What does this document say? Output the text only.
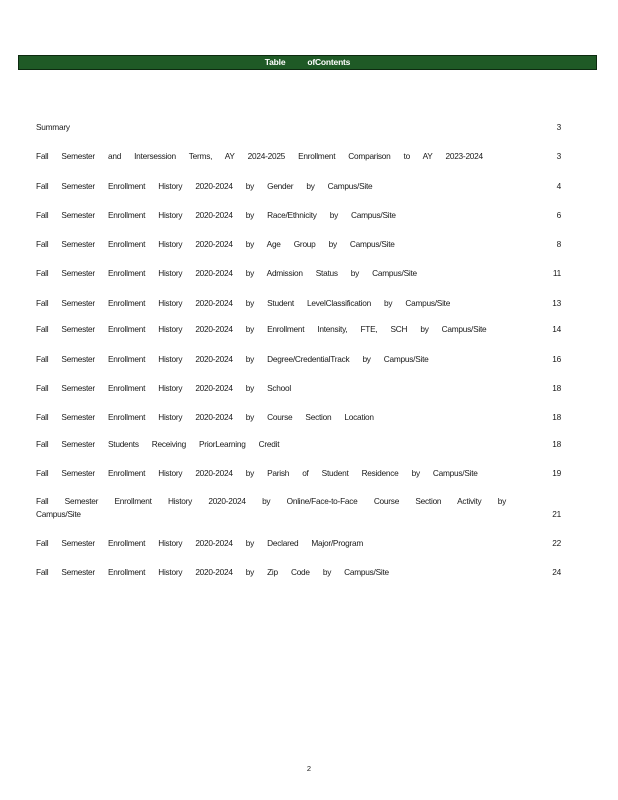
Table	ofContents
Summary	3
Fall Semester and Intersession Terms, AY 2024-2025 Enrollment Comparison to AY 2023-2024	3
Fall Semester Enrollment History 2020-2024 by Gender by Campus/Site	4
Fall Semester Enrollment History 2020-2024 by Race/Ethnicity by Campus/Site	6
Fall Semester Enrollment History 2020-2024 by Age Group by Campus/Site	8
Fall Semester Enrollment History 2020-2024 by Admission Status by Campus/Site	11
Fall Semester Enrollment History 2020-2024 by Student LevelClassification by Campus/Site	13
Fall Semester Enrollment History 2020-2024 by Enrollment Intensity, FTE, SCH by Campus/Site	14
Fall Semester Enrollment History 2020-2024 by Degree/CredentialTrack by Campus/Site	16
Fall Semester Enrollment History 2020-2024 by School	18
Fall Semester Enrollment History 2020-2024 by Course Section Location	18
Fall Semester Students Receiving PriorLearning Credit	18
Fall Semester Enrollment History 2020-2024 by Parish of Student Residence by Campus/Site	19
Fall Semester Enrollment History 2020-2024 by Online/Face-to-Face Course Section Activity by Campus/Site	21
Fall Semester Enrollment History 2020-2024 by Declared Major/Program	22
Fall Semester Enrollment History 2020-2024 by Zip Code by Campus/Site	24
2
